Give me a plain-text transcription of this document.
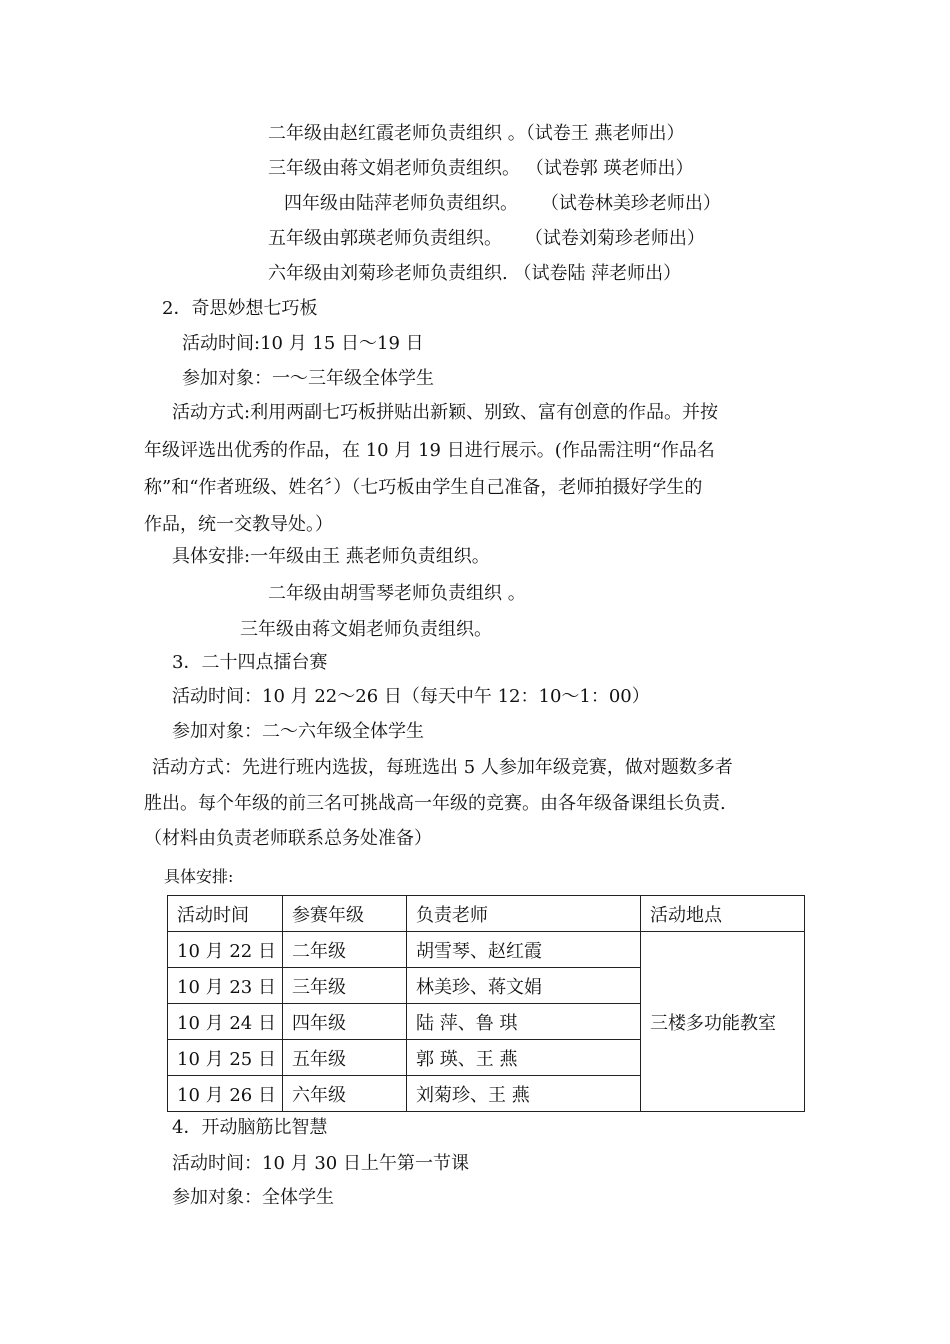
二年级由赵红霞老师负责组织 。（试卷王 燕老师出）
三年级由蒋文娟老师负责组织。 （试卷郭 瑛老师出）
四年级由陆萍老师负责组织。    （试卷林美珍老师出）
五年级由郭瑛老师负责组织。    （试卷刘菊珍老师出）
六年级由刘菊珍老师负责组织. （试卷陆 萍老师出）
2．奇思妙想七巧板
活动时间:10 月 15 日～19 日
参加对象：一～三年级全体学生
活动方式:利用两副七巧板拼贴出新颖、别致、富有创意的作品。并按
年级评选出优秀的作品，在 10 月 19 日进行展示。(作品需注明“作品名
称”和“作者班级、姓名〞）（七巧板由学生自己准备，老师拍摄好学生的
作品，统一交教导处。）
具体安排:一年级由王 燕老师负责组织。
二年级由胡雪琴老师负责组织 。
三年级由蒋文娟老师负责组织。
3．二十四点擂台赛
活动时间：10 月 22～26 日（每天中午 12：10～1：00）
参加对象：二～六年级全体学生
活动方式：先进行班内选拔，每班选出 5 人参加年级竞赛，做对题数多者
胜出。每个年级的前三名可挑战高一年级的竞赛。由各年级备课组长负责.
（材料由负责老师联系总务处准备）
具体安排:
活动时间	参赛年级	负责老师	活动地点
10 月 22 日	二年级	胡雪琴、赵红霞	三楼多功能教室
10 月 23 日	三年级	林美珍、蒋文娟	
10 月 24 日	四年级	陆 萍、鲁 琪	
10 月 25 日	五年级	郭 瑛、王 燕	
10 月 26 日	六年级	刘菊珍、王 燕	
4．开动脑筋比智慧
活动时间：10 月 30 日上午第一节课
参加对象：全体学生
